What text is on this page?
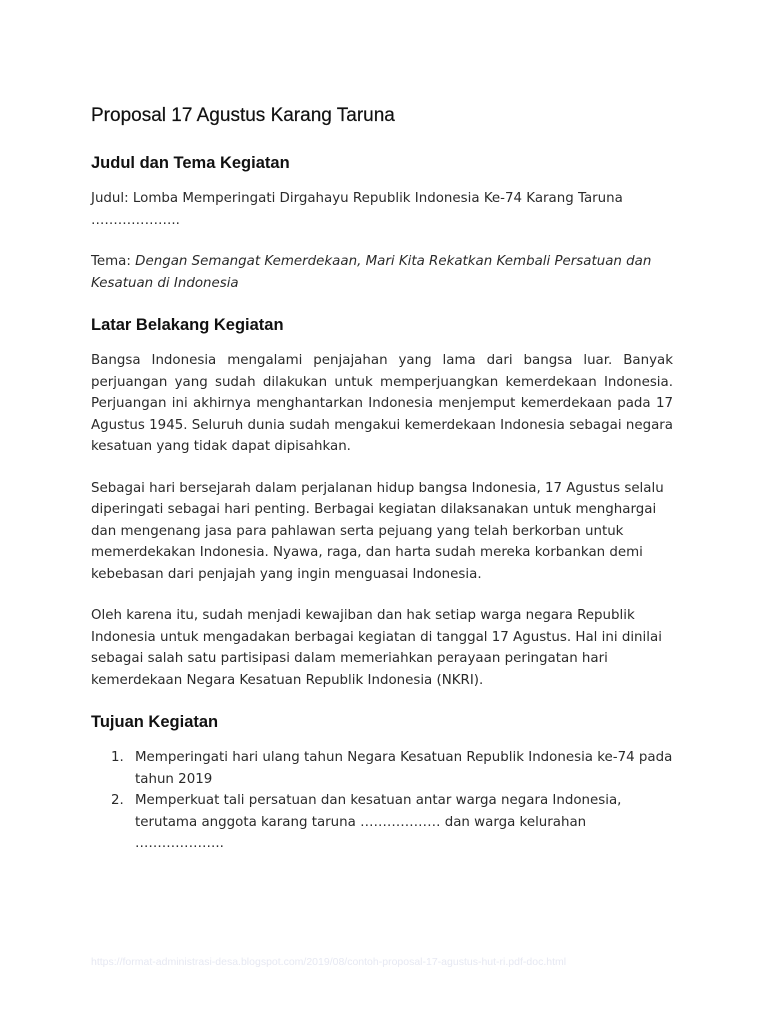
Proposal 17 Agustus Karang Taruna
Judul dan Tema Kegiatan

Judul: Lomba Memperingati Dirgahayu Republik Indonesia Ke-74 Karang Taruna ………………..

Tema: Dengan Semangat Kemerdekaan, Mari Kita Rekatkan Kembali Persatuan dan Kesatuan di Indonesia

Latar Belakang Kegiatan

Bangsa Indonesia mengalami penjajahan yang lama dari bangsa luar. Banyak perjuangan yang sudah dilakukan untuk memperjuangkan kemerdekaan Indonesia. Perjuangan ini akhirnya menghantarkan Indonesia menjemput kemerdekaan pada 17 Agustus 1945. Seluruh dunia sudah mengakui kemerdekaan Indonesia sebagai negara kesatuan yang tidak dapat dipisahkan.

Sebagai hari bersejarah dalam perjalanan hidup bangsa Indonesia, 17 Agustus selalu diperingati sebagai hari penting. Berbagai kegiatan dilaksanakan untuk menghargai dan mengenang jasa para pahlawan serta pejuang yang telah berkorban untuk memerdekakan Indonesia. Nyawa, raga, dan harta sudah mereka korbankan demi kebebasan dari penjajah yang ingin menguasai Indonesia.

Oleh karena itu, sudah menjadi kewajiban dan hak setiap warga negara Republik Indonesia untuk mengadakan berbagai kegiatan di tanggal 17 Agustus. Hal ini dinilai sebagai salah satu partisipasi dalam memeriahkan perayaan peringatan hari kemerdekaan Negara Kesatuan Republik Indonesia (NKRI).

Tujuan Kegiatan
1. Memperingati hari ulang tahun Negara Kesatuan Republik Indonesia ke-74 pada tahun 2019
2. Memperkuat tali persatuan dan kesatuan antar warga negara Indonesia, terutama anggota karang taruna ……………… dan warga kelurahan ………………..
https://format-administrasi-desa.blogspot.com/2019/08/contoh-proposal-17-agustus-hut-ri.pdf-doc.html
